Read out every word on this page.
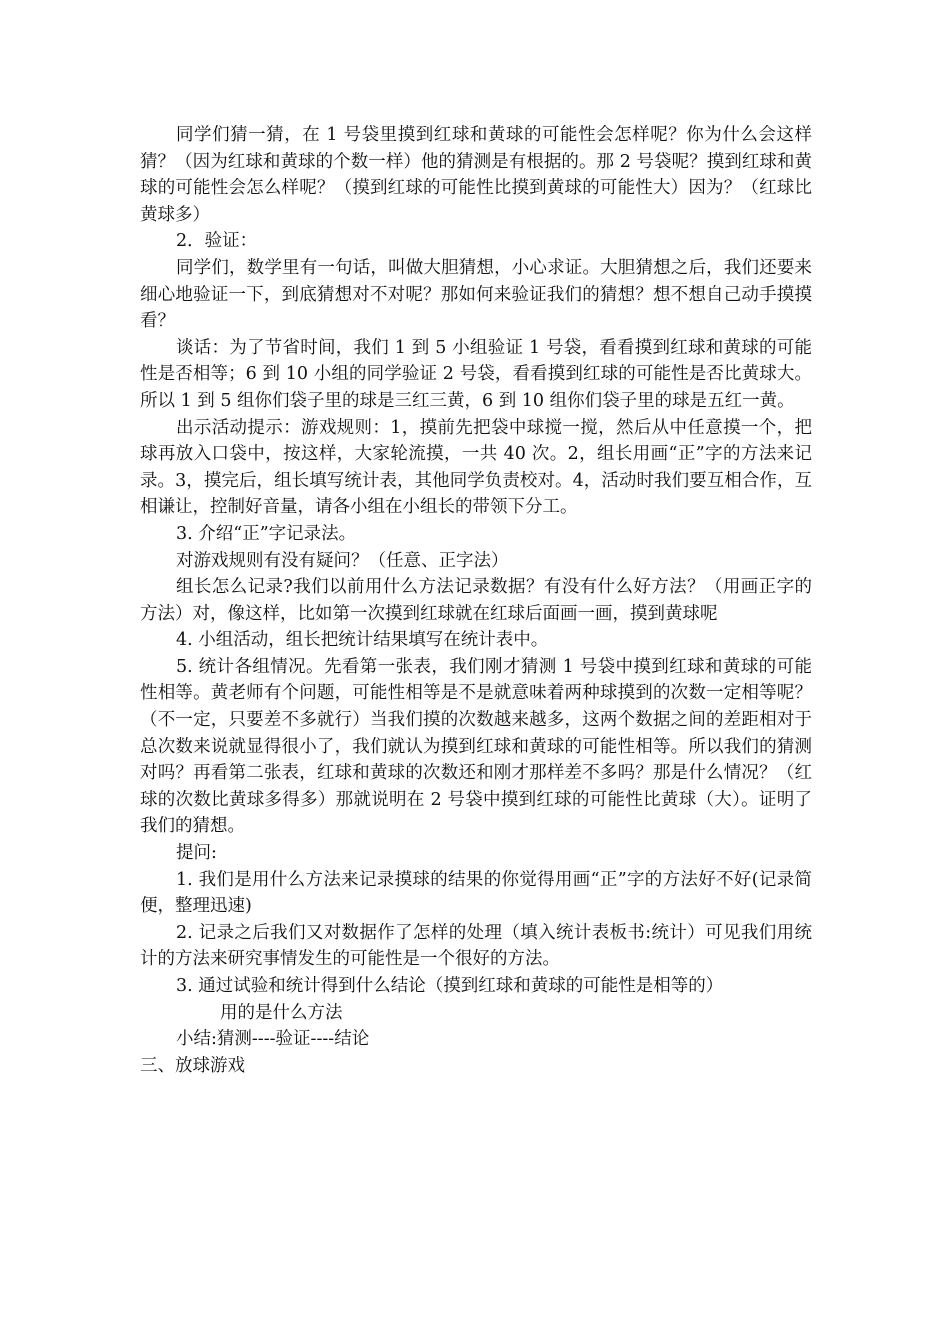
同学们猜一猜，在 1 号袋里摸到红球和黄球的可能性会怎样呢？你为什么会这样猜？（因为红球和黄球的个数一样）他的猜测是有根据的。那 2 号袋呢？摸到红球和黄球的可能性会怎么样呢？（摸到红球的可能性比摸到黄球的可能性大）因为？（红球比黄球多）

2．验证：

同学们，数学里有一句话，叫做大胆猜想，小心求证。大胆猜想之后，我们还要来细心地验证一下，到底猜想对不对呢？那如何来验证我们的猜想？想不想自己动手摸摸看？

谈话：为了节省时间，我们 1 到 5 小组验证 1 号袋，看看摸到红球和黄球的可能性是否相等；6 到 10 小组的同学验证 2 号袋，看看摸到红球的可能性是否比黄球大。所以 1 到 5 组你们袋子里的球是三红三黄，6 到 10 组你们袋子里的球是五红一黄。

出示活动提示：游戏规则：1，摸前先把袋中球搅一搅，然后从中任意摸一个，把球再放入口袋中，按这样，大家轮流摸，一共 40 次。2，组长用画“正”字的方法来记录。3，摸完后，组长填写统计表，其他同学负责校对。4，活动时我们要互相合作，互相谦让，控制好音量，请各小组在小组长的带领下分工。

3. 介绍“正”字记录法。

对游戏规则有没有疑问？（任意、正字法）

组长怎么记录?我们以前用什么方法记录数据？有没有什么好方法？（用画正字的方法）对，像这样，比如第一次摸到红球就在红球后面画一画，摸到黄球呢

4. 小组活动，组长把统计结果填写在统计表中。

5. 统计各组情况。先看第一张表，我们刚才猜测 1 号袋中摸到红球和黄球的可能性相等。黄老师有个问题，可能性相等是不是就意味着两种球摸到的次数一定相等呢？（不一定，只要差不多就行）当我们摸的次数越来越多，这两个数据之间的差距相对于总次数来说就显得很小了，我们就认为摸到红球和黄球的可能性相等。所以我们的猜测对吗？再看第二张表，红球和黄球的次数还和刚才那样差不多吗？那是什么情况？（红球的次数比黄球多得多）那就说明在 2 号袋中摸到红球的可能性比黄球（大）。证明了我们的猜想。

提问:

1. 我们是用什么方法来记录摸球的结果的你觉得用画“正”字的方法好不好(记录简便，整理迅速)

2. 记录之后我们又对数据作了怎样的处理（填入统计表板书:统计）可见我们用统计的方法来研究事情发生的可能性是一个很好的方法。

3. 通过试验和统计得到什么结论（摸到红球和黄球的可能性是相等的）

用的是什么方法

小结:猜测----验证----结论

三、放球游戏
